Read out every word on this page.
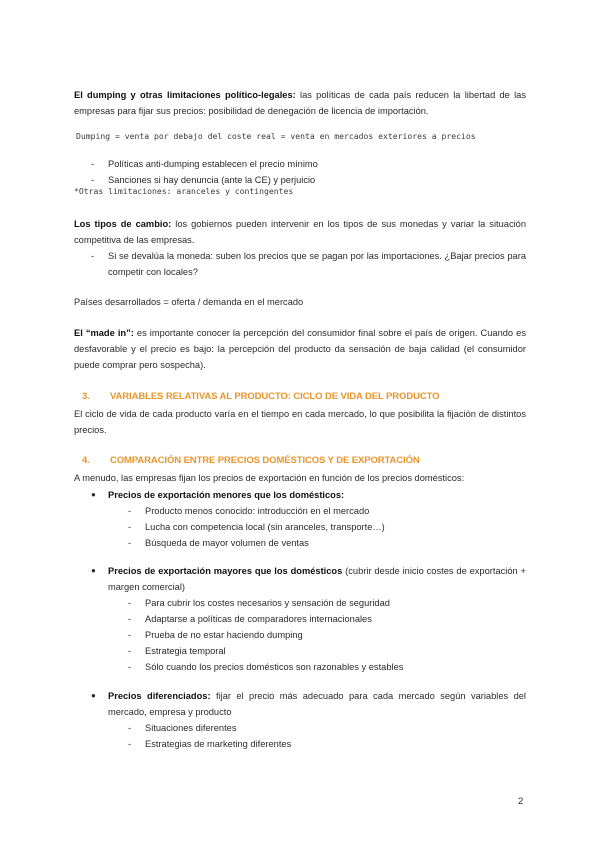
El dumping y otras limitaciones político-legales: las políticas de cada país reducen la libertad de las empresas para fijar sus precios: posibilidad de denegación de licencia de importación.
Dumping = venta por debajo del coste real = venta en mercados exteriores a precios
- Políticas anti-dumping establecen el precio mínimo
- Sanciones si hay denuncia (ante la CE) y perjuicio
*Otras limitaciones: aranceles y contingentes
Los tipos de cambio: los gobiernos pueden intervenir en los tipos de sus monedas y variar la situación competitiva de las empresas.
- Si se devalúa la moneda: suben los precios que se pagan por las importaciones. ¿Bajar precios para competir con locales?
Países desarrollados = oferta / demanda en el mercado
El “made in”: es importante conocer la percepción del consumidor final sobre el país de origen. Cuando es desfavorable y el precio es bajo: la percepción del producto da sensación de baja calidad (el consumidor puede comprar pero sospecha).
3. VARIABLES RELATIVAS AL PRODUCTO: CICLO DE VIDA DEL PRODUCTO
El ciclo de vida de cada producto varía en el tiempo en cada mercado, lo que posibilita la fijación de distintos precios.
4. COMPARACIÓN ENTRE PRECIOS DOMÉSTICOS Y DE EXPORTACIÓN
A menudo, las empresas fijan los precios de exportación en función de los precios domésticos:
● Precios de exportación menores que los domésticos:
- Producto menos conocido: introducción en el mercado
- Lucha con competencia local (sin aranceles, transporte…)
- Búsqueda de mayor volumen de ventas
● Precios de exportación mayores que los domésticos (cubrir desde inicio costes de exportación + margen comercial)
- Para cubrir los costes necesarios y sensación de seguridad
- Adaptarse a políticas de comparadores internacionales
- Prueba de no estar haciendo dumping
- Estrategia temporal
- Sólo cuando los precios domésticos son razonables y estables
● Precios diferenciados: fijar el precio más adecuado para cada mercado según variables del mercado, empresa y producto
- Situaciones diferentes
- Estrategias de marketing diferentes
2
